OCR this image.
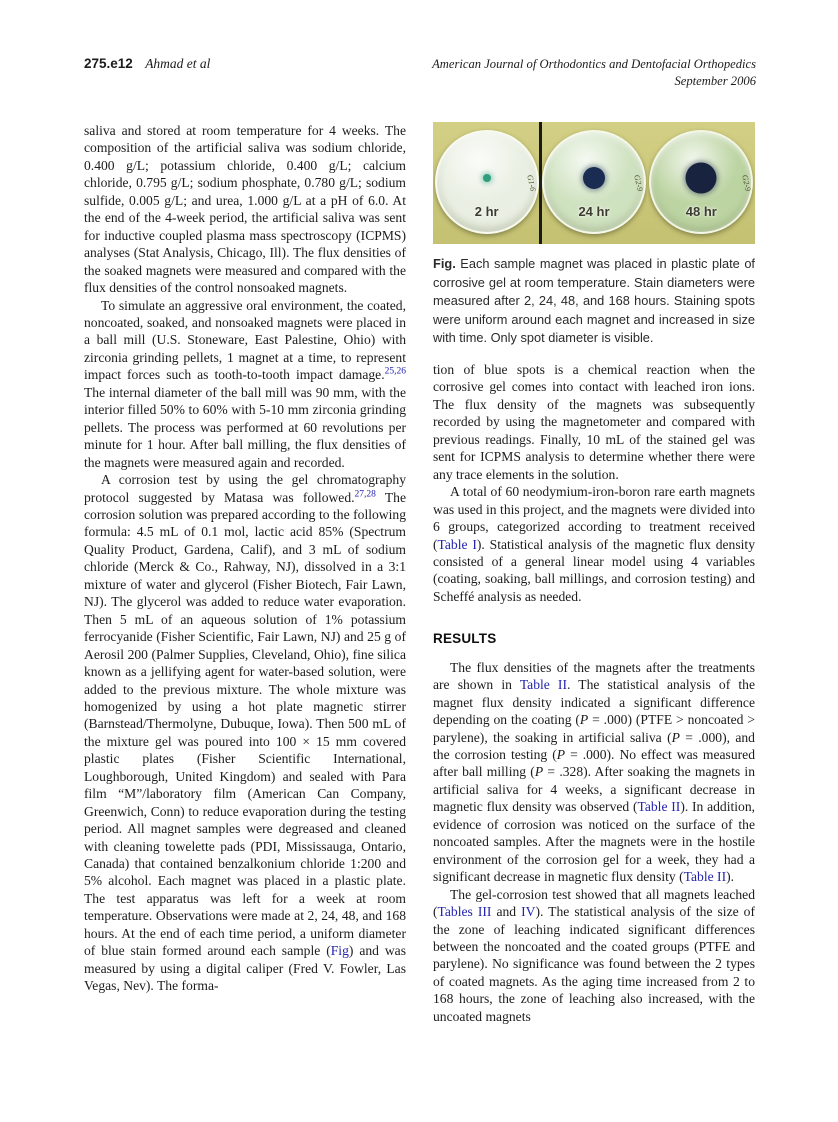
275.e12 Ahmad et al	American Journal of Orthodontics and Dentofacial Orthopedics
September 2006

saliva and stored at room temperature for 4 weeks. The composition of the artificial saliva was sodium chloride, 0.400 g/L; potassium chloride, 0.400 g/L; calcium chloride, 0.795 g/L; sodium phosphate, 0.780 g/L; sodium sulfide, 0.005 g/L; and urea, 1.000 g/L at a pH of 6.0. At the end of the 4-week period, the artificial saliva was sent for inductive coupled plasma mass spectroscopy (ICPMS) analyses (Stat Analysis, Chicago, Ill). The flux densities of the soaked magnets were measured and compared with the flux densities of the control nonsoaked magnets.

To simulate an aggressive oral environment, the coated, noncoated, soaked, and nonsoaked magnets were placed in a ball mill (U.S. Stoneware, East Palestine, Ohio) with zirconia grinding pellets, 1 magnet at a time, to represent impact forces such as tooth-to-tooth impact damage.$^{25,26}$ The internal diameter of the ball mill was 90 mm, with the interior filled 50% to 60% with 5-10 mm zirconia grinding pellets. The process was performed at 60 revolutions per minute for 1 hour. After ball milling, the flux densities of the magnets were measured again and recorded.

A corrosion test by using the gel chromatography protocol suggested by Matasa was followed.$^{27,28}$ The corrosion solution was prepared according to the following formula: 4.5 mL of 0.1 mol, lactic acid 85% (Spectrum Quality Product, Gardena, Calif), and 3 mL of sodium chloride (Merck & Co., Rahway, NJ), dissolved in a 3:1 mixture of water and glycerol (Fisher Biotech, Fair Lawn, NJ). The glycerol was added to reduce water evaporation. Then 5 mL of an aqueous solution of 1% potassium ferrocyanide (Fisher Scientific, Fair Lawn, NJ) and 25 g of Aerosil 200 (Palmer Supplies, Cleveland, Ohio), fine silica known as a jellifying agent for water-based solution, were added to the previous mixture. The whole mixture was homogenized by using a hot plate magnetic stirrer (Barnstead/Thermolyne, Dubuque, Iowa). Then 500 mL of the mixture gel was poured into 100 × 15 mm covered plastic plates (Fisher Scientific International, Loughborough, United Kingdom) and sealed with Para film “M”/laboratory film (American Can Company, Greenwich, Conn) to reduce evaporation during the testing period. All magnet samples were degreased and cleaned with cleaning towelette pads (PDI, Mississauga, Ontario, Canada) that contained benzalkonium chloride 1:200 and 5% alcohol. Each magnet was placed in a plastic plate. The test apparatus was left for a week at room temperature. Observations were made at 2, 24, 48, and 168 hours. At the end of each time period, a uniform diameter of blue stain formed around each sample (Fig) and was measured by using a digital caliper (Fred V. Fowler, Las Vegas, Nev). The forma-

2 hr
G1-6
24 hr
G2-9
48 hr
G2-9
Fig. Each sample magnet was placed in plastic plate of corrosive gel at room temperature. Stain diameters were measured after 2, 24, 48, and 168 hours. Staining spots were uniform around each magnet and increased in size with time. Only spot diameter is visible.

tion of blue spots is a chemical reaction when the corrosive gel comes into contact with leached iron ions. The flux density of the magnets was subsequently recorded by using the magnetometer and compared with previous readings. Finally, 10 mL of the stained gel was sent for ICPMS analysis to determine whether there were any trace elements in the solution.

A total of 60 neodymium-iron-boron rare earth magnets was used in this project, and the magnets were divided into 6 groups, categorized according to treatment received (Table I). Statistical analysis of the magnetic flux density consisted of a general linear model using 4 variables (coating, soaking, ball millings, and corrosion testing) and Scheffé analysis as needed.

RESULTS

The flux densities of the magnets after the treatments are shown in Table II. The statistical analysis of the magnet flux density indicated a significant difference depending on the coating (P = .000) (PTFE > noncoated > parylene), the soaking in artificial saliva (P = .000), and the corrosion testing (P = .000). No effect was measured after ball milling (P = .328). After soaking the magnets in artificial saliva for 4 weeks, a significant decrease in magnetic flux density was observed (Table II). In addition, evidence of corrosion was noticed on the surface of the noncoated samples. After the magnets were in the hostile environment of the corrosion gel for a week, they had a significant decrease in magnetic flux density (Table II).

The gel-corrosion test showed that all magnets leached (Tables III and IV). The statistical analysis of the size of the zone of leaching indicated significant differences between the noncoated and the coated groups (PTFE and parylene). No significance was found between the 2 types of coated magnets. As the aging time increased from 2 to 168 hours, the zone of leaching also increased, with the uncoated magnets
